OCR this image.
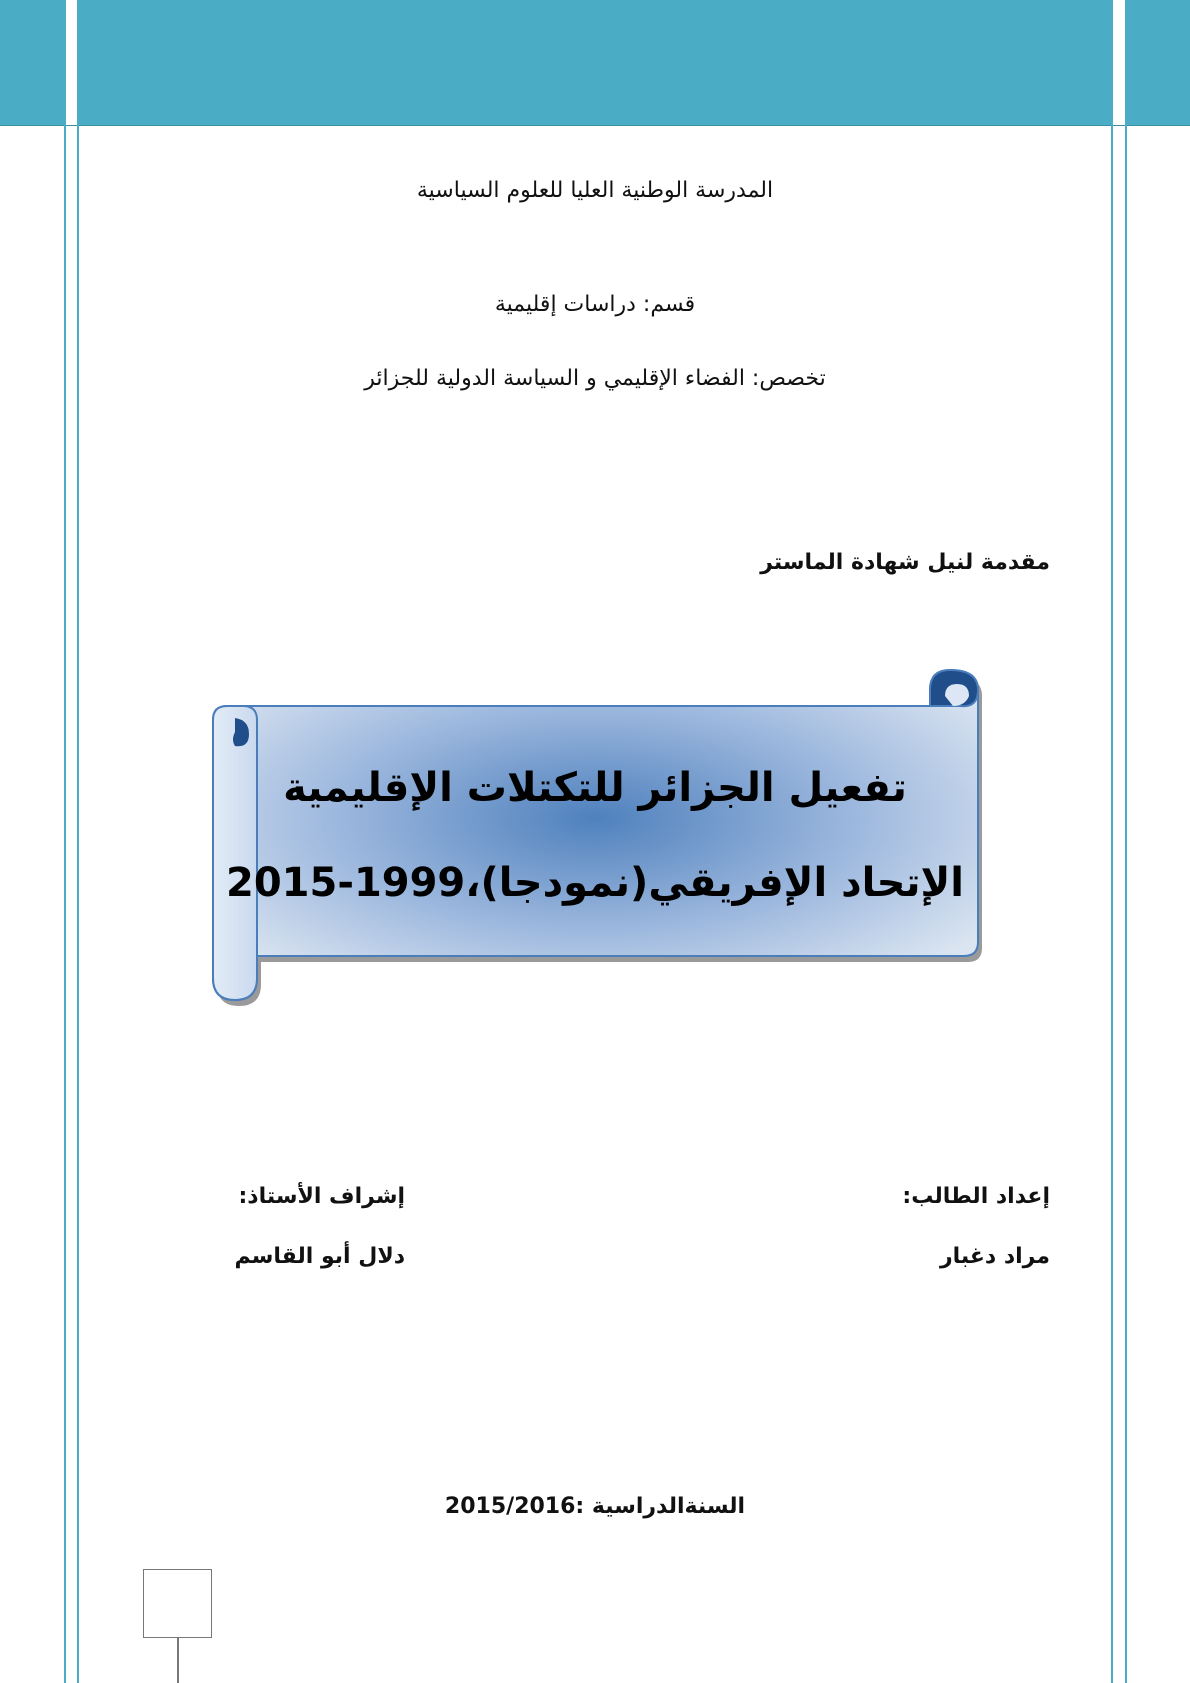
المدرسة الوطنية العليا للعلوم السياسية
قسم: دراسات إقليمية
تخصص: الفضاء الإقليمي و السياسة الدولية للجزائر
مقدمة لنيل شهادة الماستر
تفعيل الجزائر للتكتلات الإقليمية
الإتحاد الإفريقي(نمودجا)،1999-2015
إعداد الطالب:
مراد دغبار
إشراف الأستاذ:
دلال أبو القاسم
السنةالدراسية :2015/2016
